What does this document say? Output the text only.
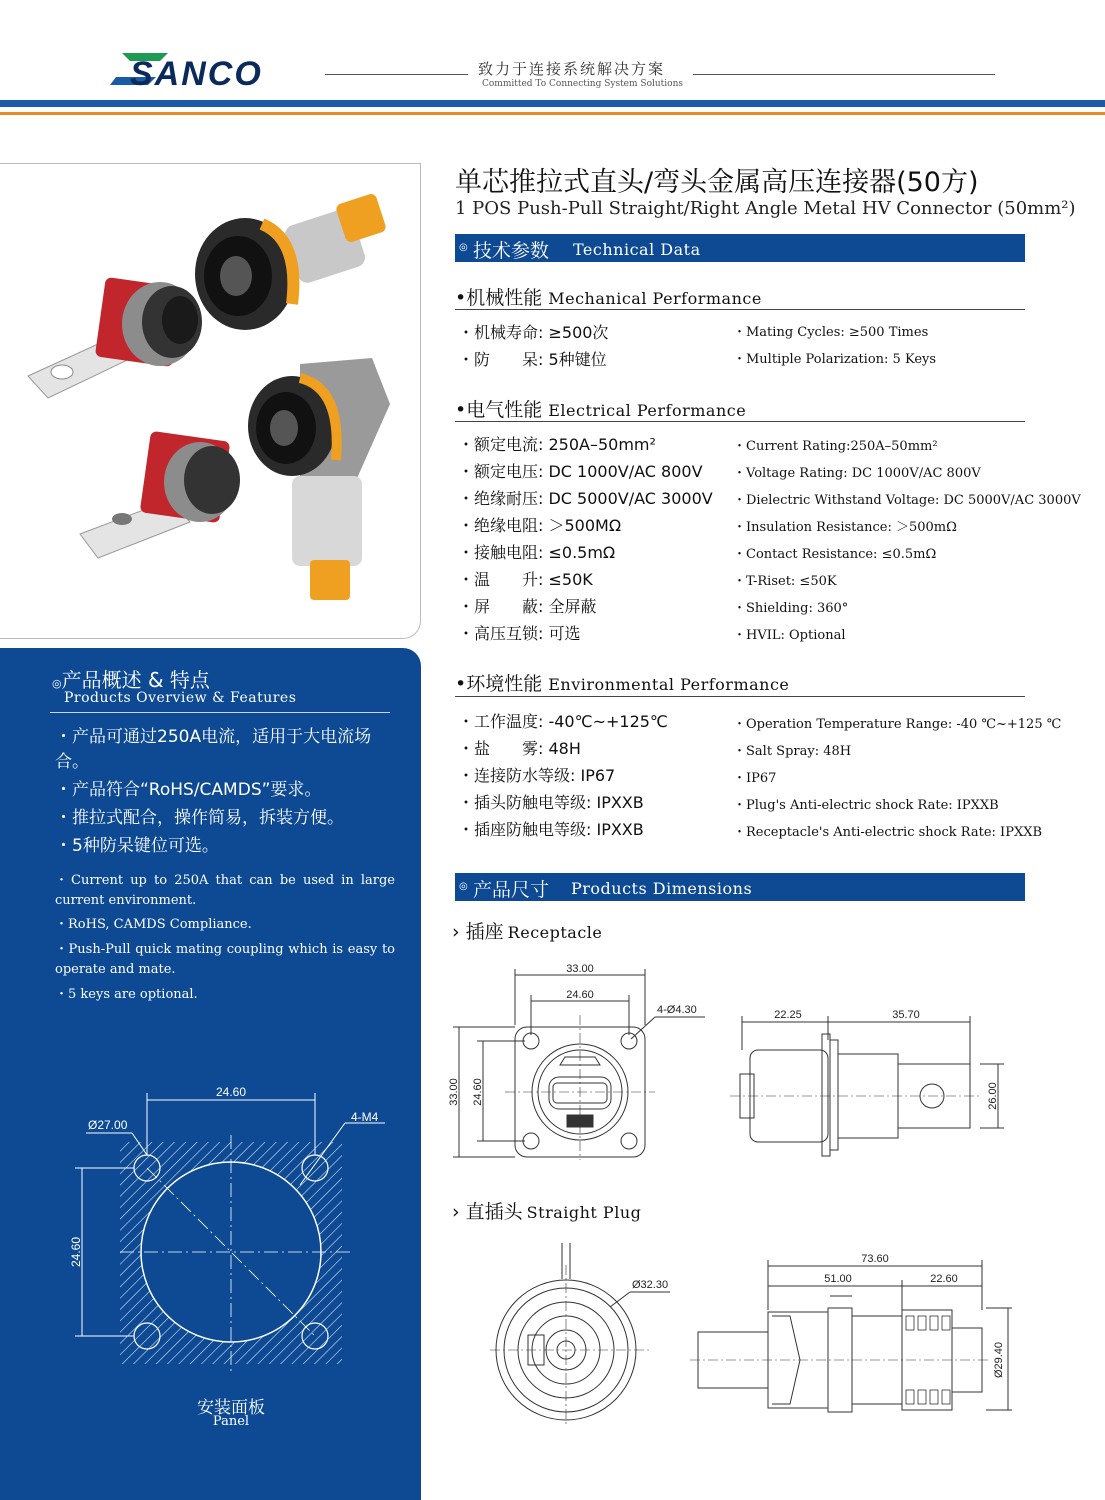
SANCO	致力于连接系统解决方案
Committed To Connecting System Solutions
◎产品概述 & 特点
Products Overview & Features
・产品可通过250A电流，适用于大电流场合。
・产品符合“RoHS/CAMDS”要求。
・推拉式配合，操作简易，拆装方便。
・5种防呆键位可选。
・Current up to 250A that can be used in large current environment.
・RoHS, CAMDS Compliance.
・Push-Pull quick mating coupling which is easy to operate and mate.
・5 keys are optional.
24.60
Ø27.00
4-M4
24.60
安装面板
Panel
单芯推拉式直头/弯头金属高压连接器(50方)
1 POS Push-Pull Straight/Right Angle Metal HV Connector (50mm²)
◎ 技术参数 Technical Data
•机械性能 Mechanical Performance
・机械寿命: ≥500次	・Mating Cycles: ≥500 Times
・防　　呆: 5种键位	・Multiple Polarization: 5 Keys
•电气性能 Electrical Performance
・额定电流: 250A–50mm²	・Current Rating:250A–50mm²
・额定电压: DC 1000V/AC 800V ・Voltage Rating: DC 1000V/AC 800V
・绝缘耐压: DC 5000V/AC 3000V ・Dielectric Withstand Voltage: DC 5000V/AC 3000V
・绝缘电阻: ＞500MΩ	・Insulation Resistance: ＞500mΩ
・接触电阻: ≤0.5mΩ	・Contact Resistance: ≤0.5mΩ
・温　　升: ≤50K	・T-Riset: ≤50K
・屏　　蔽: 全屏蔽	・Shielding: 360°
・高压互锁: 可选	・HVIL: Optional
•环境性能 Environmental Performance
・工作温度: -40℃~+125℃	・Operation Temperature Range: -40 ℃~+125 ℃
・盐　　雾: 48H	・Salt Spray: 48H
・连接防水等级: IP67	・IP67
・插头防触电等级: IPXXB	・Plug's Anti-electric shock Rate: IPXXB
・插座防触电等级: IPXXB	・Receptacle's Anti-electric shock Rate: IPXXB
◎ 产品尺寸 Products Dimensions
› 插座 Receptacle
33.00
24.60
4-Ø4.30
33.00 24.60
22.25	35.70
26.00
› 直插头 Straight Plug
Ø32.30
73.60
51.00	22.60
Ø29.40
